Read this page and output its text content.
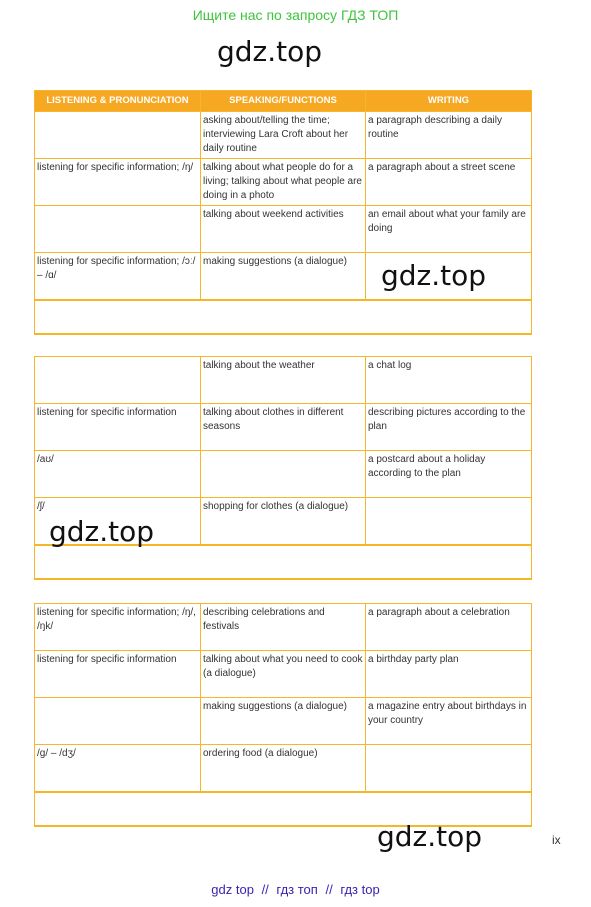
Ищите нас по запросу ГДЗ ТОП
gdz.top
LISTENING & PRONUNCIATION	SPEAKING/FUNCTIONS	WRITING
	asking about/telling the time; interviewing Lara Croft about her daily routine	a paragraph describing a daily routine
listening for specific information; /ŋ/	talking about what people do for a living; talking about what people are doing in a photo	a paragraph about a street scene
	talking about weekend activities	an email about what your family are doing
listening for specific information; /ɔː/ – /ɑ/	making suggestions (a dialogue)	gdz.top
	talking about the weather	a chat log
listening for specific information	talking about clothes in different seasons	describing pictures according to the plan
/aʊ/		a postcard about a holiday according to the plan
/ʃ/	shopping for clothes (a dialogue)	

gdz.top
listening for specific information; /ŋ/, /ŋk/	describing celebrations and festivals	a paragraph about a celebration
listening for specific information	talking about what you need to cook (a dialogue)	a birthday party plan
	making suggestions (a dialogue)	a magazine entry about birthdays in your country
/g/ – /dʒ/	ordering food (a dialogue)	

gdz.top	ix
gdz top // гдз топ // гдз top
